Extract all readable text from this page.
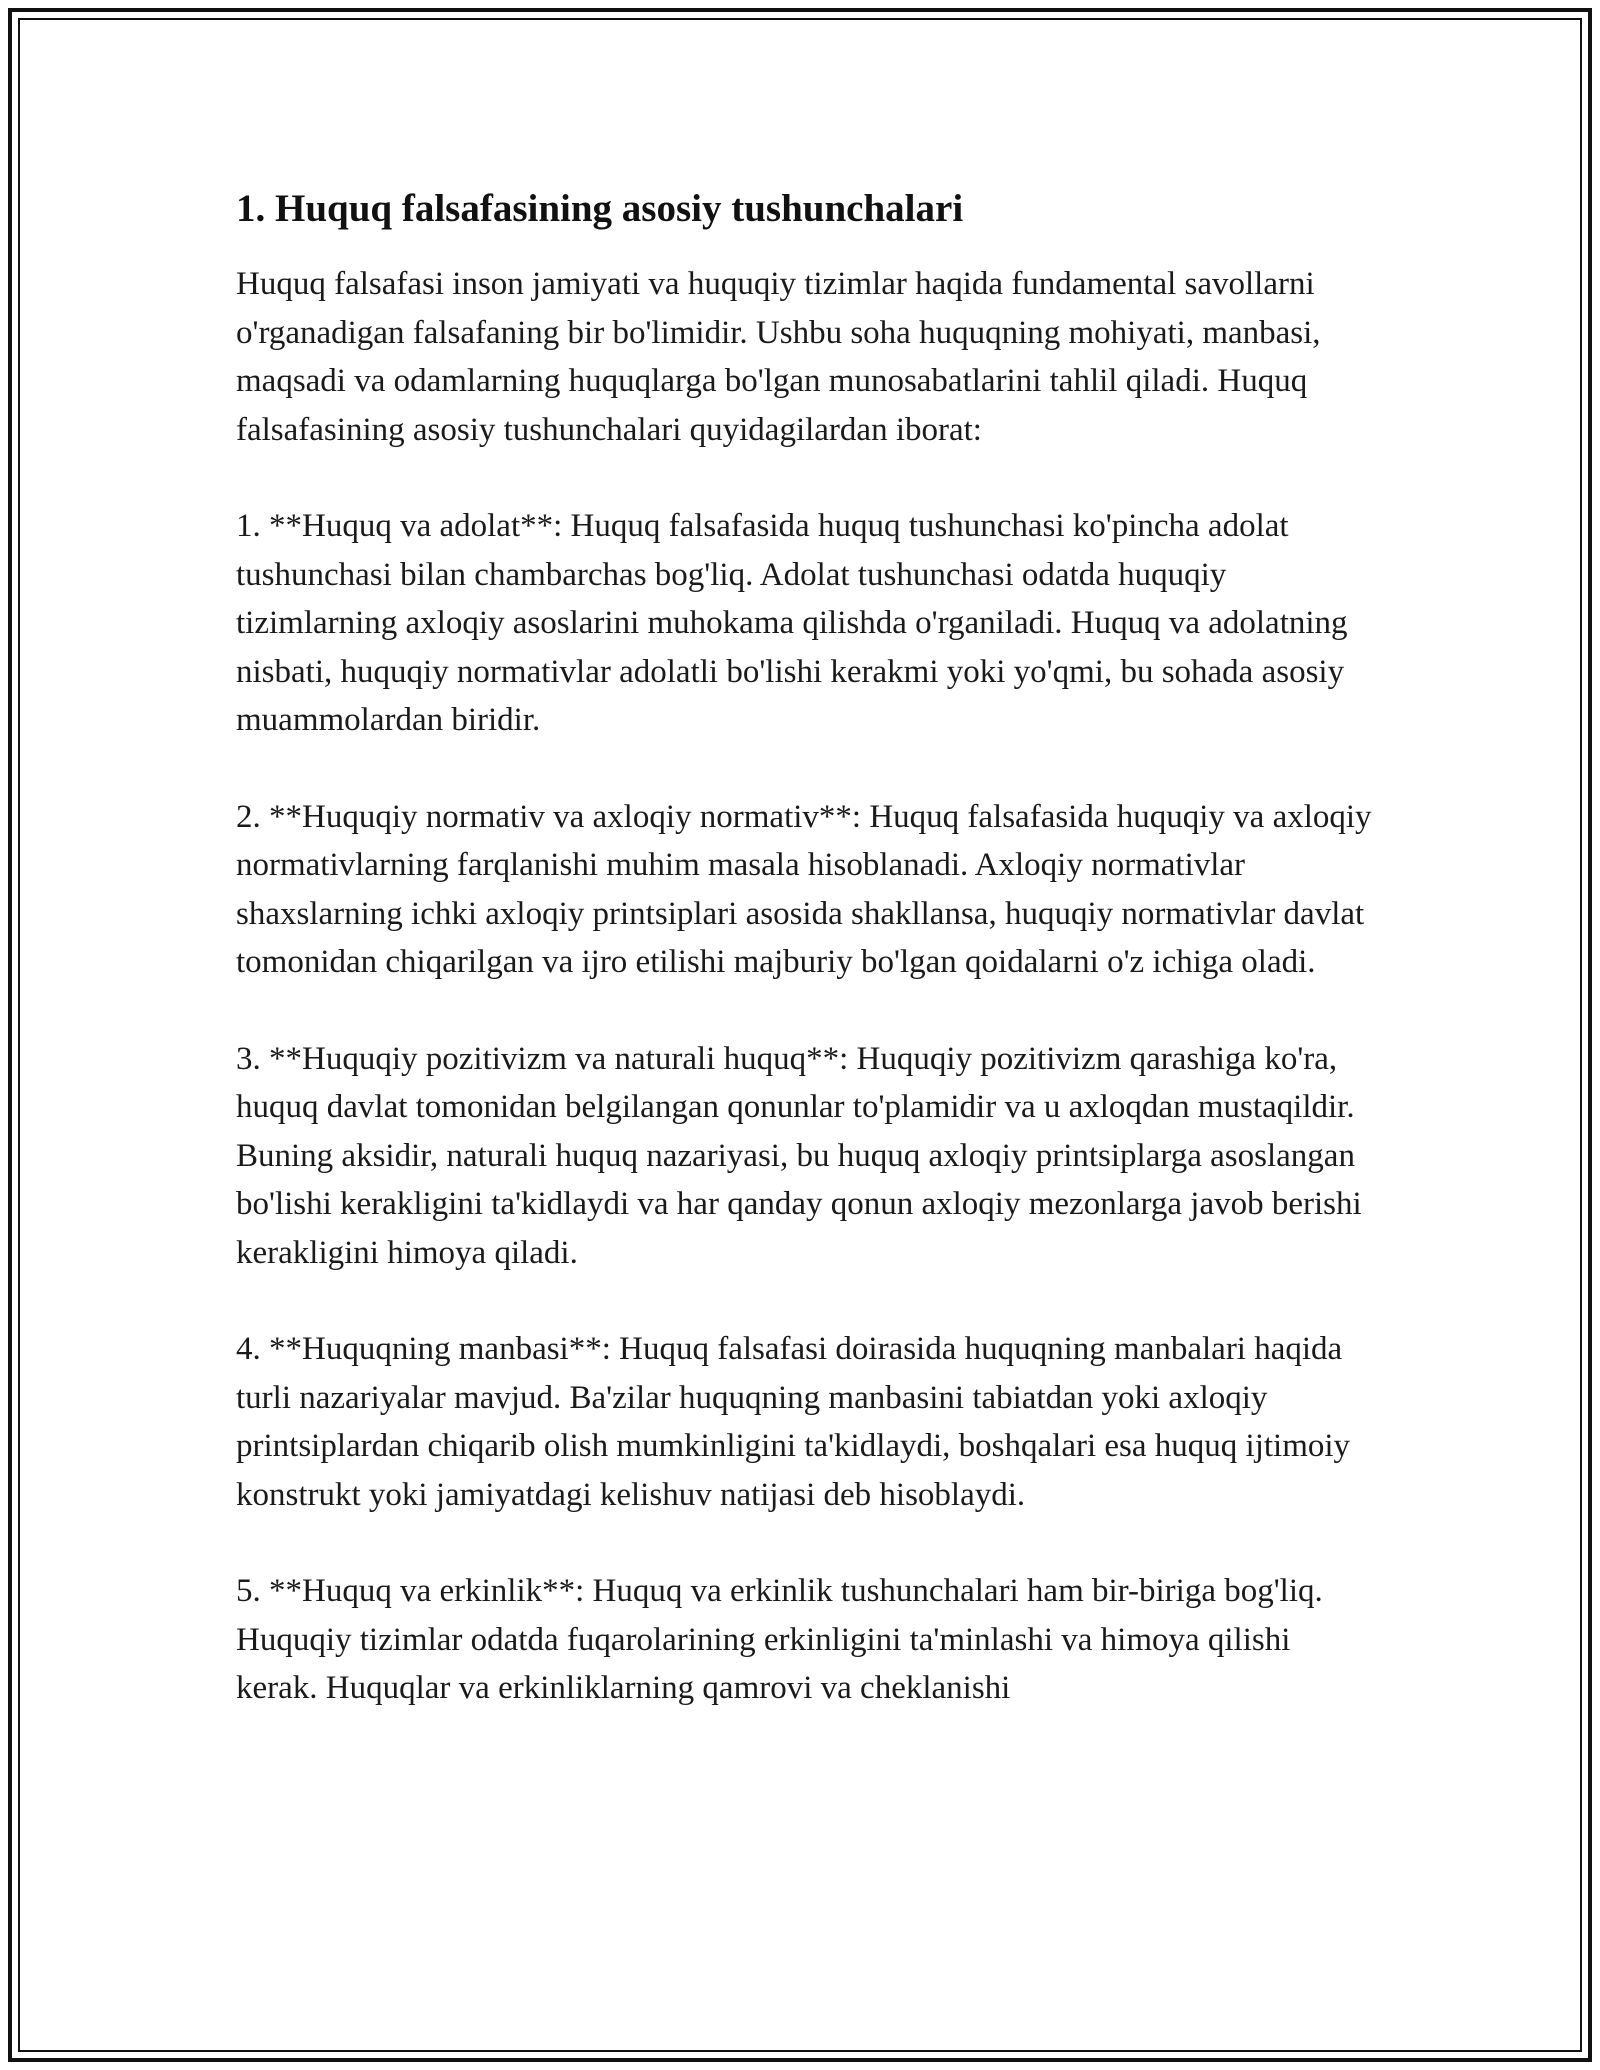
1. Huquq falsafasining asosiy tushunchalari

Huquq falsafasi inson jamiyati va huquqiy tizimlar haqida fundamental savollarni o'rganadigan falsafaning bir bo'limidir. Ushbu soha huquqning mohiyati, manbasi, maqsadi va odamlarning huquqlarga bo'lgan munosabatlarini tahlil qiladi. Huquq falsafasining asosiy tushunchalari quyidagilardan iborat:

1. **Huquq va adolat**: Huquq falsafasida huquq tushunchasi ko'pincha adolat tushunchasi bilan chambarchas bog'liq. Adolat tushunchasi odatda huquqiy tizimlarning axloqiy asoslarini muhokama qilishda o'rganiladi. Huquq va adolatning nisbati, huquqiy normativlar adolatli bo'lishi kerakmi yoki yo'qmi, bu sohada asosiy muammolardan biridir.

2. **Huquqiy normativ va axloqiy normativ**: Huquq falsafasida huquqiy va axloqiy normativlarning farqlanishi muhim masala hisoblanadi. Axloqiy normativlar shaxslarning ichki axloqiy printsiplari asosida shakllansa, huquqiy normativlar davlat tomonidan chiqarilgan va ijro etilishi majburiy bo'lgan qoidalarni o'z ichiga oladi.

3. **Huquqiy pozitivizm va naturali huquq**: Huquqiy pozitivizm qarashiga ko'ra, huquq davlat tomonidan belgilangan qonunlar to'plamidir va u axloqdan mustaqildir. Buning aksidir, naturali huquq nazariyasi, bu huquq axloqiy printsiplarga asoslangan bo'lishi kerakligini ta'kidlaydi va har qanday qonun axloqiy mezonlarga javob berishi kerakligini himoya qiladi.

4. **Huquqning manbasi**: Huquq falsafasi doirasida huquqning manbalari haqida turli nazariyalar mavjud. Ba'zilar huquqning manbasini tabiatdan yoki axloqiy printsiplardan chiqarib olish mumkinligini ta'kidlaydi, boshqalari esa huquq ijtimoiy konstrukt yoki jamiyatdagi kelishuv natijasi deb hisoblaydi.

5. **Huquq va erkinlik**: Huquq va erkinlik tushunchalari ham bir-biriga bog'liq. Huquqiy tizimlar odatda fuqarolarining erkinligini ta'minlashi va himoya qilishi kerak. Huquqlar va erkinliklarning qamrovi va cheklanishi
